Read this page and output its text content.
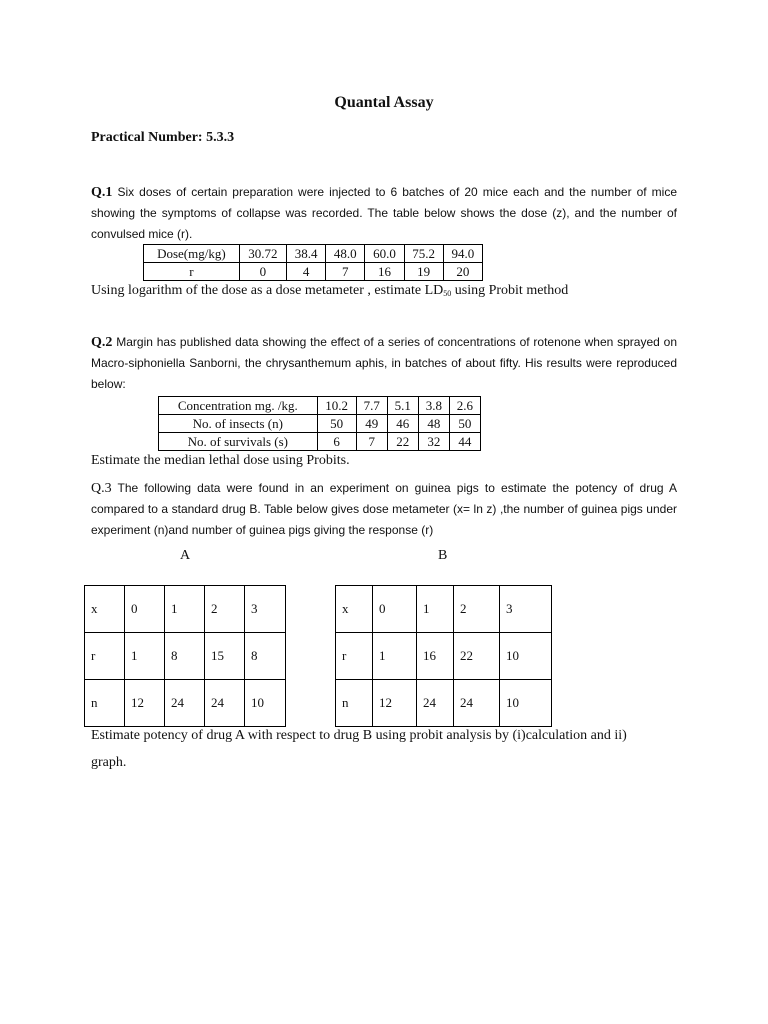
Quantal Assay
Practical Number: 5.3.3
Q.1 Six doses of certain preparation were injected to 6 batches of 20 mice each and the number of mice showing the symptoms of collapse was recorded. The table below shows the dose (z), and the number of convulsed mice (r).
Dose(mg/kg)	30.72	38.4	48.0	60.0	75.2	94.0
r	0	4	7	16	19	20
Using logarithm of the dose as a dose metameter , estimate $LD_{50}$ using Probit method
Q.2 Margin has published data showing the effect of a series of concentrations of rotenone when sprayed on Macro-siphoniella Sanborni, the chrysanthemum aphis, in batches of about fifty. His results were reproduced below:
Concentration mg. /kg.	10.2	7.7	5.1	3.8	2.6
No. of insects (n)	50	49	46	48	50
No. of survivals (s)	6	7	22	32	44
Estimate the median lethal dose using Probits.
Q.3 The following data were found in an experiment on guinea pigs to estimate the potency of drug A compared to a standard drug B. Table below gives dose metameter (x= ln z) ,the number of guinea pigs under experiment (n)and number of guinea pigs giving the response (r)
A	B
x	0	1	2	3
r	1	8	15	8
n	12	24	24	10
x	0	1	2	3
r	1	16	22	10
n	12	24	24	10
Estimate potency of drug A with respect to drug B using probit analysis by (i)calculation and ii)
graph.
